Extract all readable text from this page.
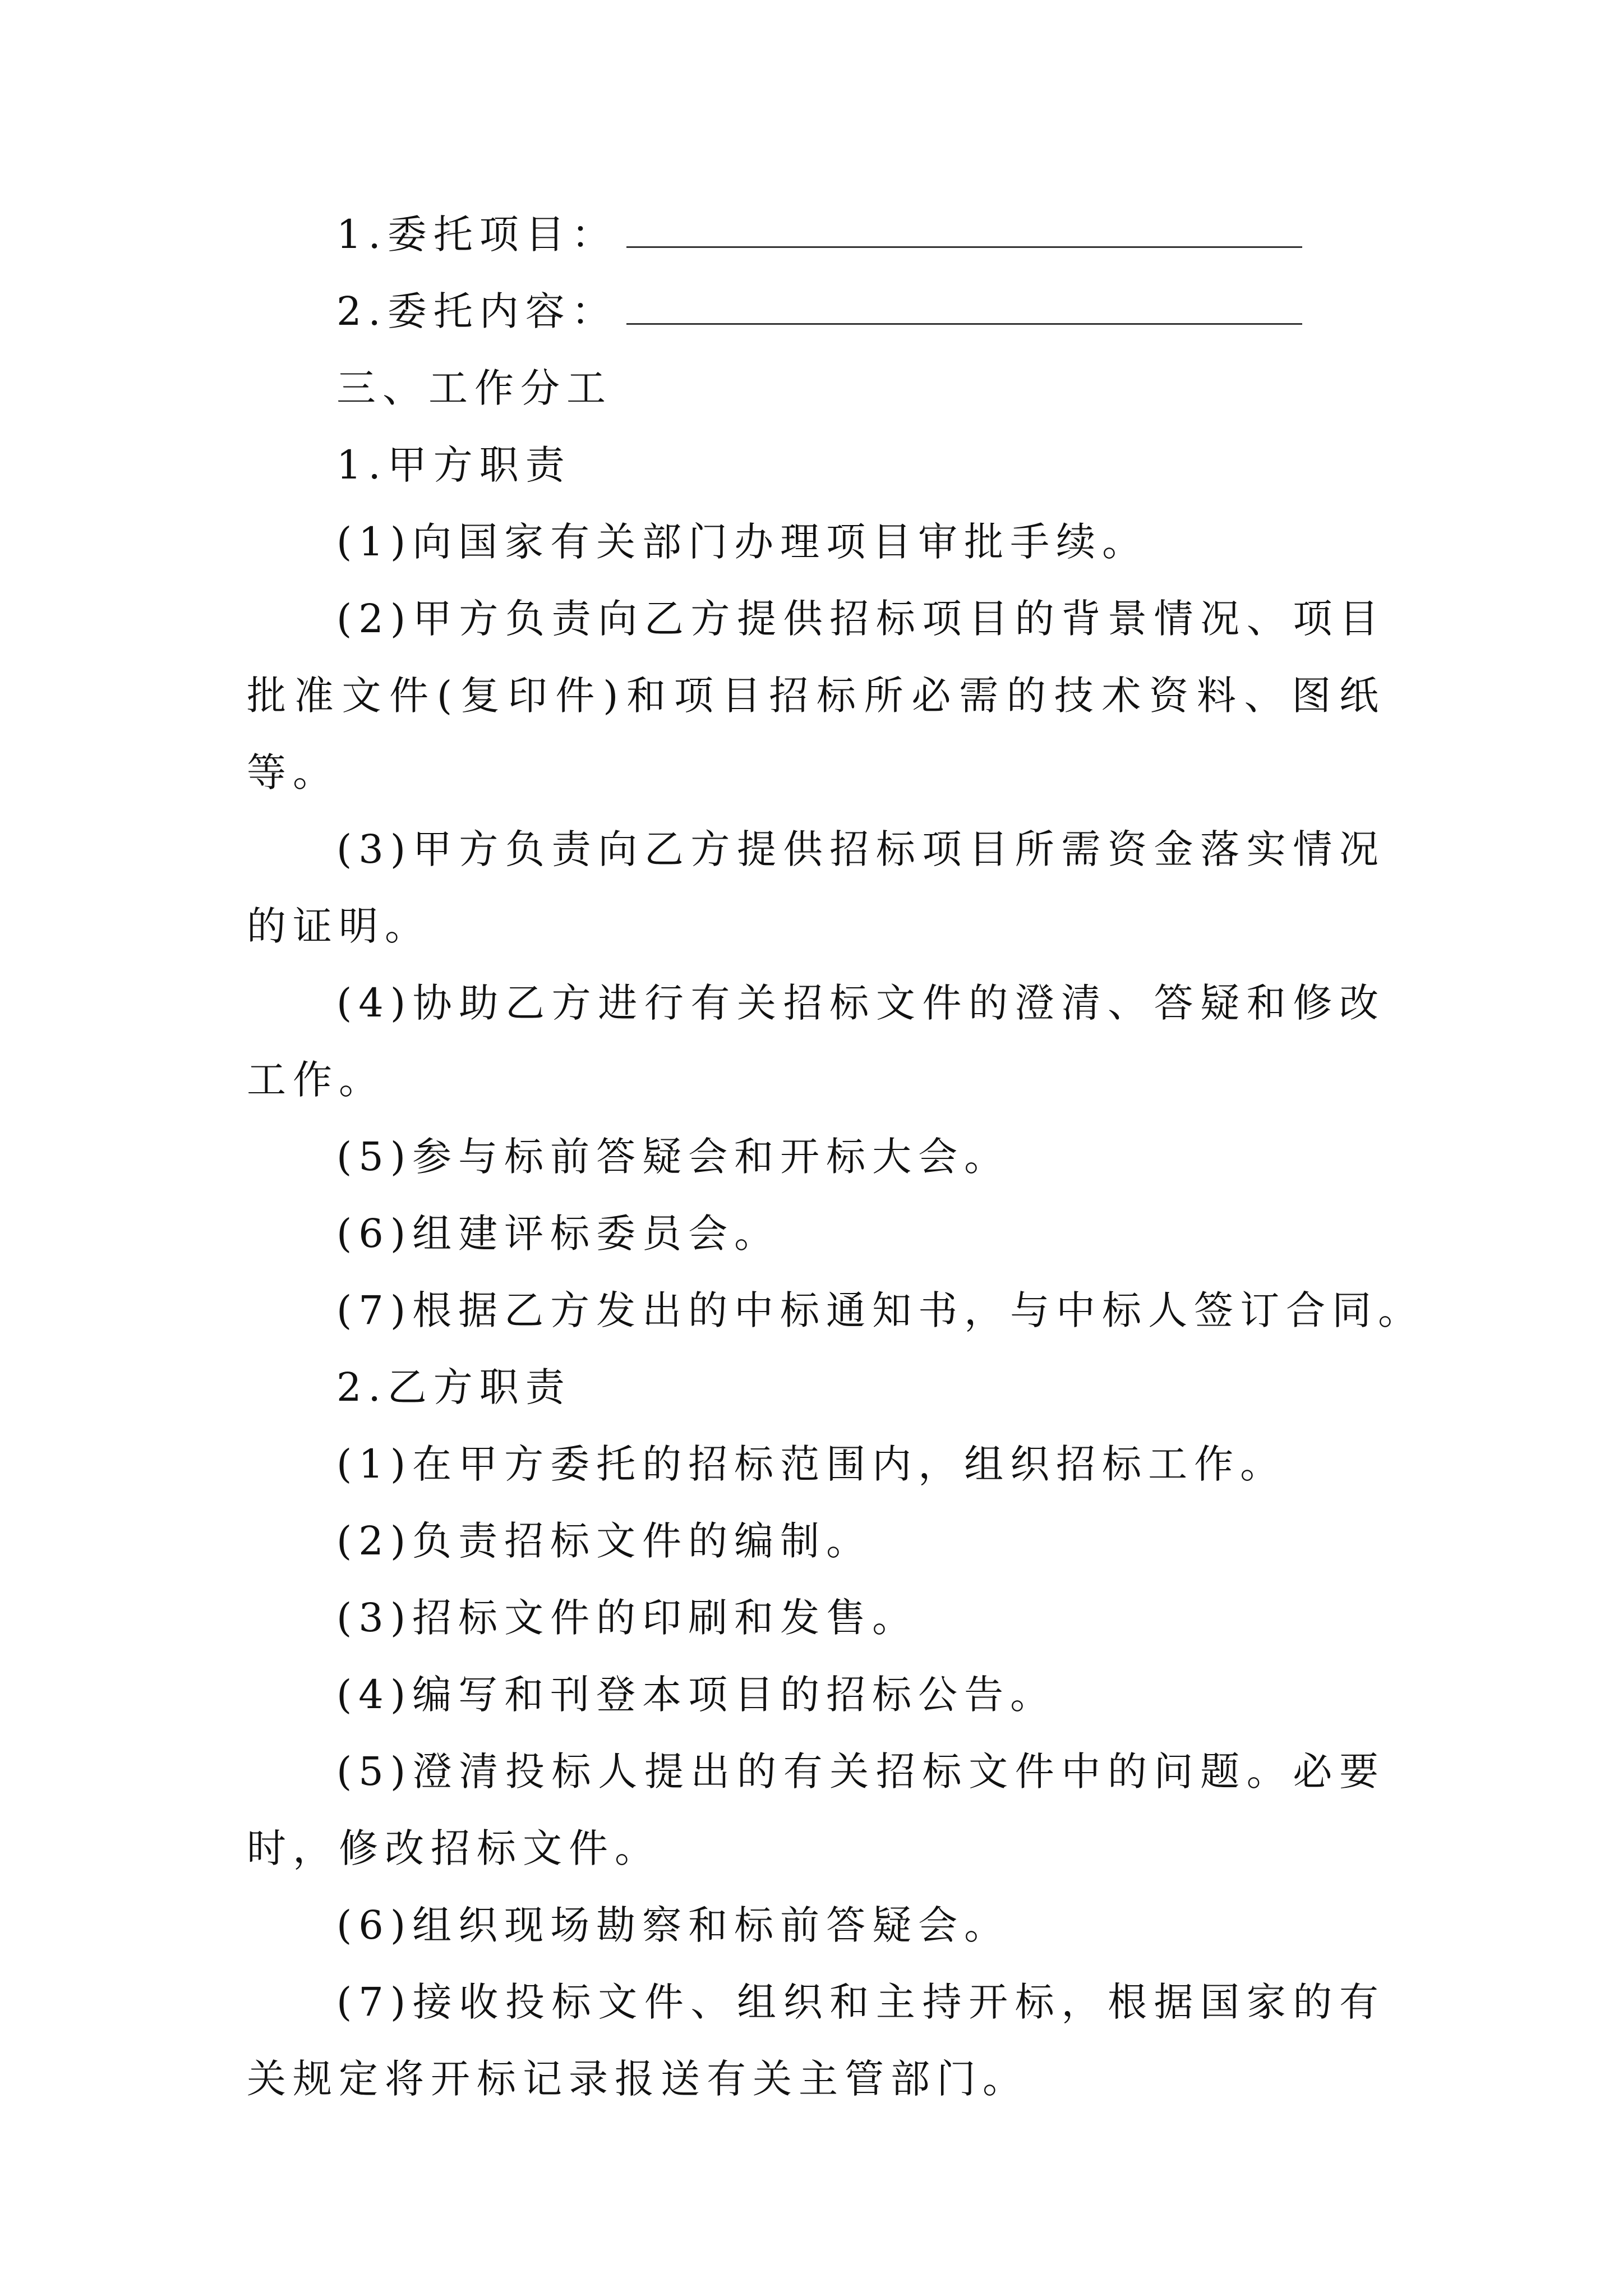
1.委托项目：
2.委托内容：

三、工作分工

1.甲方职责

(1)向国家有关部门办理项目审批手续。

(2)甲方负责向乙方提供招标项目的背景情况、项目批准文件(复印件)和项目招标所必需的技术资料、图纸等。

(3)甲方负责向乙方提供招标项目所需资金落实情况的证明。

(4)协助乙方进行有关招标文件的澄清、答疑和修改工作。

(5)参与标前答疑会和开标大会。

(6)组建评标委员会。

(7)根据乙方发出的中标通知书，与中标人签订合同。

2.乙方职责

(1)在甲方委托的招标范围内，组织招标工作。

(2)负责招标文件的编制。

(3)招标文件的印刷和发售。

(4)编写和刊登本项目的招标公告。

(5)澄清投标人提出的有关招标文件中的问题。必要时，修改招标文件。

(6)组织现场勘察和标前答疑会。

(7)接收投标文件、组织和主持开标，根据国家的有关规定将开标记录报送有关主管部门。
